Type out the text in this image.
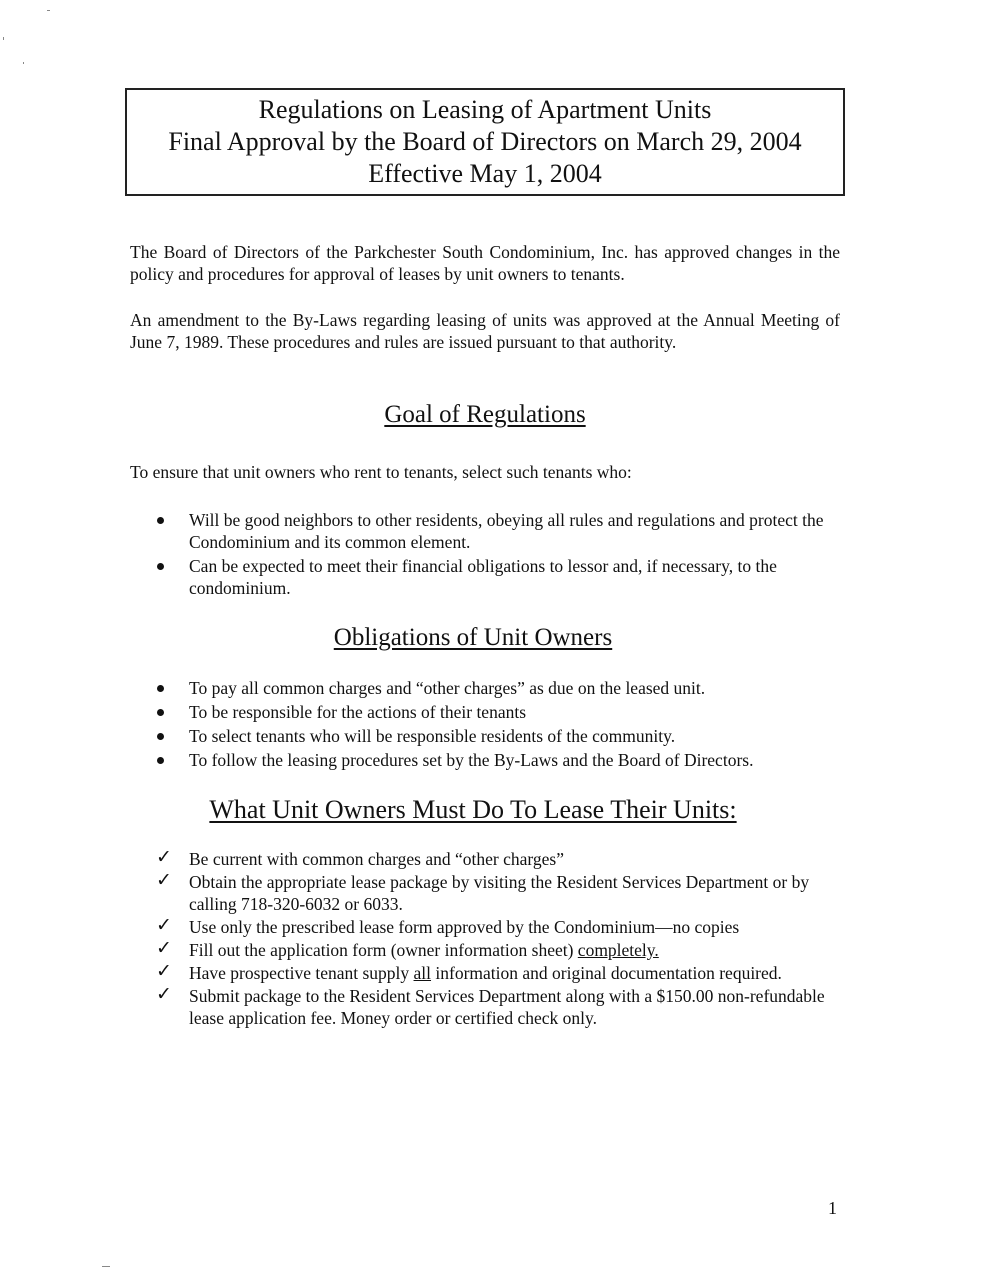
Regulations on Leasing of Apartment Units
Final Approval by the Board of Directors on March 29, 2004
Effective May 1, 2004
The Board of Directors of the Parkchester South Condominium, Inc. has approved changes in the policy and procedures for approval of leases by unit owners to tenants.
An amendment to the By-Laws regarding leasing of units was approved at the Annual Meeting of June 7, 1989. These procedures and rules are issued pursuant to that authority.
Goal of Regulations
To ensure that unit owners who rent to tenants, select such tenants who:
Will be good neighbors to other residents, obeying all rules and regulations and protect the Condominium and its common element.
Can be expected to meet their financial obligations to lessor and, if necessary, to the condominium.
Obligations of Unit Owners
To pay all common charges and “other charges” as due on the leased unit.
To be responsible for the actions of their tenants
To select tenants who will be responsible residents of the community.
To follow the leasing procedures set by the By-Laws and the Board of Directors.
What Unit Owners Must Do To Lease Their Units:
✓ Be current with common charges and “other charges”
✓ Obtain the appropriate lease package by visiting the Resident Services Department or by calling 718-320-6032 or 6033.
✓ Use only the prescribed lease form approved by the Condominium—no copies
✓ Fill out the application form (owner information sheet) completely.
✓ Have prospective tenant supply all information and original documentation required.
✓ Submit package to the Resident Services Department along with a $150.00 non-refundable lease application fee. Money order or certified check only.
1
